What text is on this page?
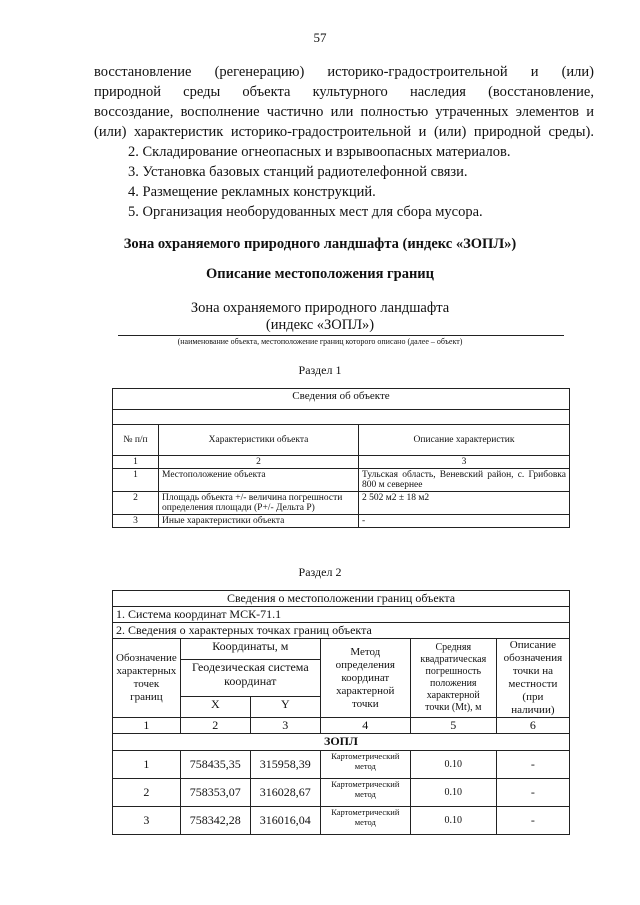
57
восстановление (регенерацию) историко-градостроительной и (или)
природной среды объекта культурного наследия (восстановление,
воссоздание, восполнение частично или полностью утраченных элементов и
(или) характеристик историко-градостроительной и (или) природной среды).
2. Складирование огнеопасных и взрывоопасных материалов.
3. Установка базовых станций радиотелефонной связи.
4. Размещение рекламных конструкций.
5. Организация необорудованных мест для сбора мусора.
Зона охраняемого природного ландшафта (индекс «ЗОПЛ»)
Описание местоположения границ
Зона охраняемого природного ландшафта
(индекс «ЗОПЛ»)
(наименование объекта, местоположение границ которого описано (далее – объект)
Раздел 1
Сведения об объекте		

№ п/п	Характеристики объекта	Описание характеристик
1	2	3
1	Местоположение объекта	Тульская область, Веневский район, с. Грибовка 800 м севернее
2	Площадь объекта +/- величина погрешности определения площади (Р+/- Дельта Р)	2 502 м2 ± 18 м2
3	Иные характеристики объекта	-
Раздел 2
Сведения о местоположении границ объекта					
1. Система координат МСК-71.1					
2. Сведения о характерных точках границ объекта					
Обозначение характерных точек границ	Координаты, м		Метод определения координат характерной точки	Средняя квадратическая погрешность положения характерной точки (Mt), м	Описание обозначения точки на местности (при наличии)
	Геодезическая система координат				
	X	Y			
1	2	3	4	5	6
ЗОПЛ					
1	758435,35	315958,39	Картометрический метод	0.10	-
2	758353,07	316028,67	Картометрический метод	0.10	-
3	758342,28	316016,04	Картометрический метод	0.10	-
